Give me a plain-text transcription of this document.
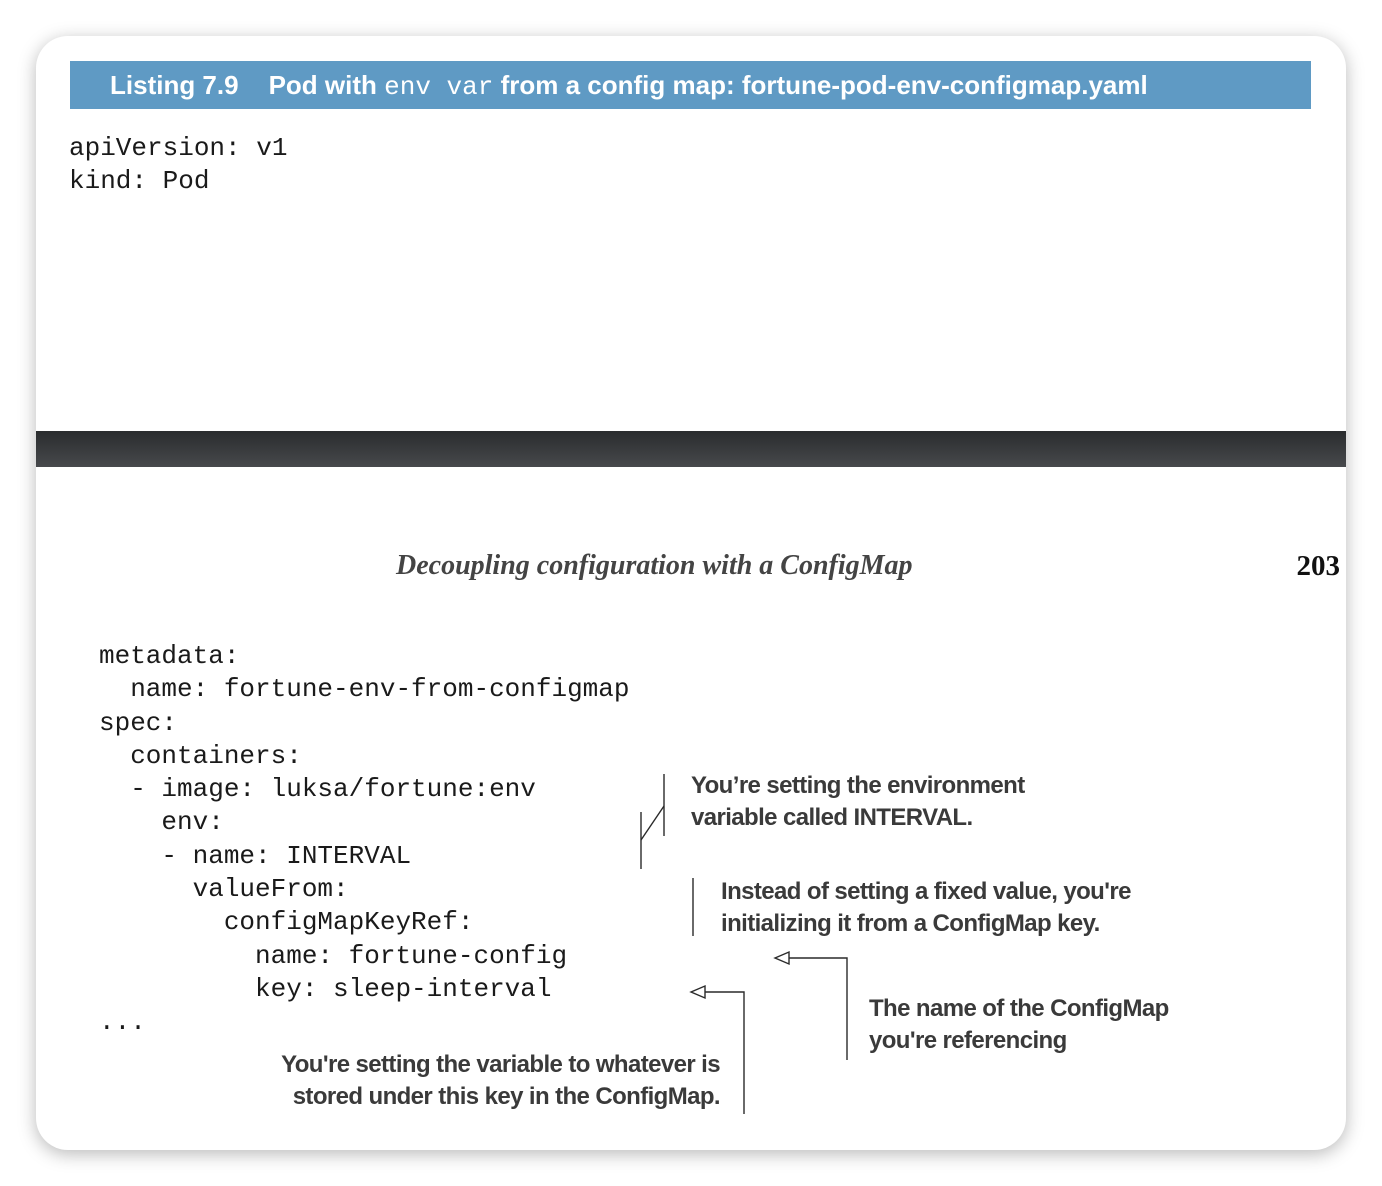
Listing 7.9 Pod with env var from a config map: fortune-pod-env-configmap.yaml
apiVersion: v1
kind: Pod
Decoupling configuration with a ConfigMap	203
metadata:
name: fortune-env-from-configmap
spec:
containers:
- image: luksa/fortune:env
env:
- name: INTERVAL
valueFrom:
configMapKeyRef:
name: fortune-config
key: sleep-interval
...
You’re setting the environment
variable called INTERVAL.
Instead of setting a fixed value, you're
initializing it from a ConfigMap key.
The name of the ConfigMap
you're referencing
You're setting the variable to whatever is
stored under this key in the ConfigMap.
